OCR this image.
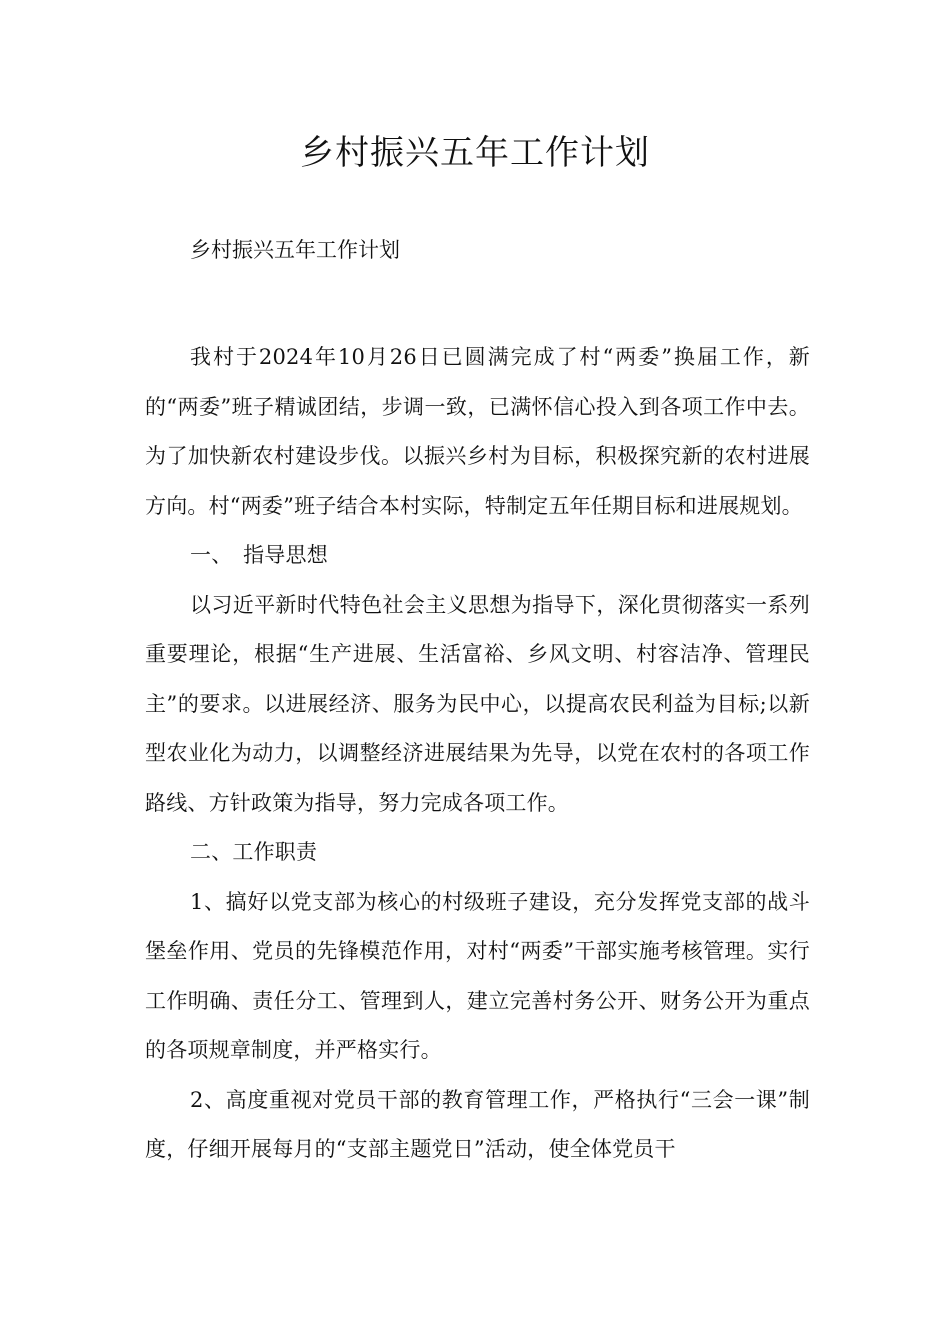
乡村振兴五年工作计划

乡村振兴五年工作计划

我村于2024年10月26日已圆满完成了村“两委”换届工作，新的“两委”班子精诚团结，步调一致，已满怀信心投入到各项工作中去。为了加快新农村建设步伐。以振兴乡村为目标，积极探究新的农村进展方向。村“两委”班子结合本村实际，特制定五年任期目标和进展规划。

一、　指导思想

以习近平新时代特色社会主义思想为指导下，深化贯彻落实一系列重要理论，根据“生产进展、生活富裕、乡风文明、村容洁净、管理民主”的要求。以进展经济、服务为民中心，以提高农民利益为目标;以新型农业化为动力，以调整经济进展结果为先导，以党在农村的各项工作路线、方针政策为指导，努力完成各项工作。

二、工作职责

1、搞好以党支部为核心的村级班子建设，充分发挥党支部的战斗堡垒作用、党员的先锋模范作用，对村“两委”干部实施考核管理。实行工作明确、责任分工、管理到人，建立完善村务公开、财务公开为重点的各项规章制度，并严格实行。

2、高度重视对党员干部的教育管理工作，严格执行“三会一课”制度，仔细开展每月的“支部主题党日”活动，使全体党员干
